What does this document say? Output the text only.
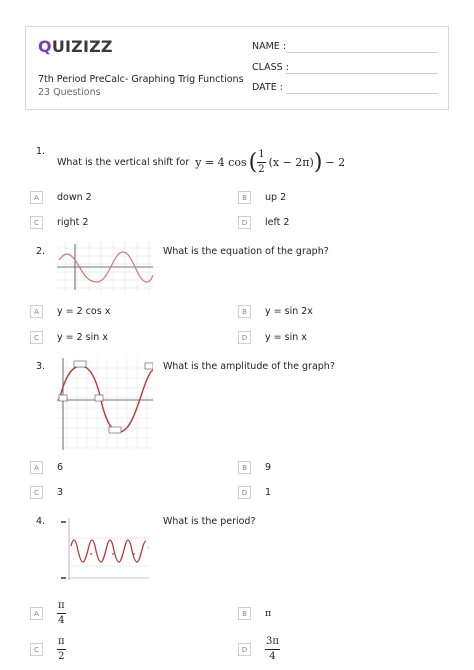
QUIZIZZ
7th Period PreCalc- Graphing Trig Functions
23 Questions
NAME :
CLASS :
DATE :
1.
What is the vertical shift for y = 4 cos ( $\frac{1}{2} (x - 2\pi)$ ) − 2
A	down 2	B	up 2
C	right 2	D	left 2
2.	What is the equation of the graph?
A	y = 2 cos x	B	y = sin 2x
C	y = 2 sin x	D	y = sin x
3.	What is the amplitude of the graph?
A	6	B	9
C	3	D	1
4.
›
What is the period?
A	$\frac{\pi}{4}$	B	π
C	$\frac{\pi}{2}$	D	$\frac{3\pi}{4}$
